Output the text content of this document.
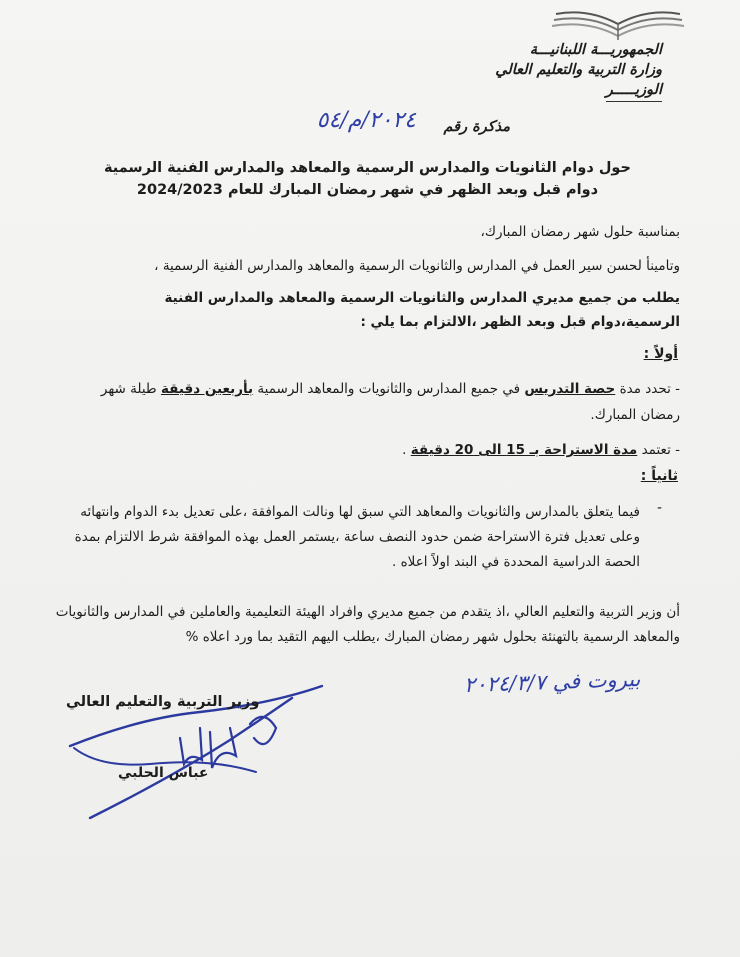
الجمهوريـــة اللبنانيـــة
وزارة التربية والتعليم العالي
الوزيـــــر
مذكرة رقم
٢٠٢٤/م/٥٤
حول دوام الثانويات والمدارس الرسمية والمعاهد والمدارس الفنية الرسمية
دوام قبل وبعد الظهر في شهر رمضان المبارك للعام 2024/2023
بمناسبة حلول شهر رمضان المبارك،
وتامينأ لحسن سير العمل في المدارس والثانويات الرسمية والمعاهد والمدارس الفنية الرسمية ،
يطلب من جميع مديري المدارس والثانويات الرسمية والمعاهد والمدارس الفنية الرسمية،دوام قبل وبعد الظهر ،الالتزام بما يلي :
أولاً :
- تحدد مدة حصة التدريس في جميع المدارس والثانويات والمعاهد الرسمية بأربعين دقيقة طيلة شهر رمضان المبارك.
- تعتمد مدة الاستراحة بـ 15 الى 20 دقيقة .
ثانياً :
-
فيما يتعلق بالمدارس والثانويات والمعاهد التي سبق لها ونالت الموافقة ،على تعديل بدء الدوام وانتهائه وعلى تعديل فترة الاستراحة ضمن حدود النصف ساعة ،يستمر العمل بهذه الموافقة شرط الالتزام بمدة الحصة الدراسية المحددة في البند اولاً اعلاه .
أن وزير التربية والتعليم العالي ،اذ يتقدم من جميع مديري وافراد الهيئة التعليمية والعاملين في المدارس والثانويات والمعاهد الرسمية بالتهنئة بحلول شهر رمضان المبارك ،يطلب اليهم التقيد بما ورد اعلاه %
بيروت في ٢٠٢٤/٣/٧
وزير التربية والتعليم العالي
عباس الحلبي
